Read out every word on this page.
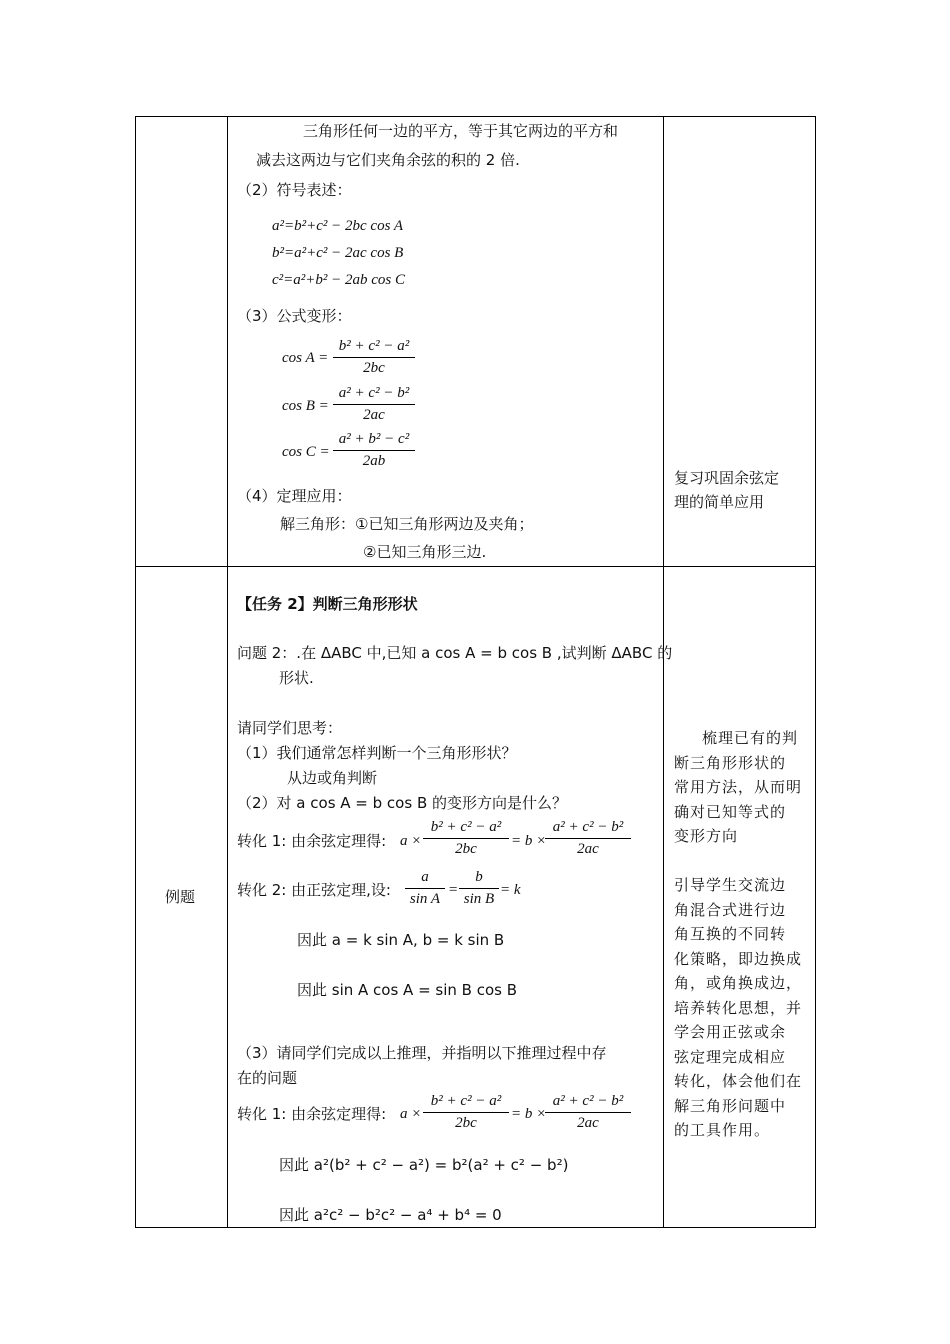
三角形任何一边的平方，等于其它两边的平方和
减去这两边与它们夹角余弦的积的 2 倍.
（2）符号表述：
a²=b²+c² − 2bc cos A
b²=a²+c² − 2ac cos B
c²=a²+b² − 2ab cos C
（3）公式变形：
cos A =
b² + c² − a²
2bc
cos B =
a² + c² − b²
2ac
cos C =
a² + b² − c²
2ab
（4）定理应用：
解三角形：①已知三角形两边及夹角；
②已知三角形三边.
复习巩固余弦定
理的简单应用
例题
【任务 2】判断三角形形状
问题 2：.在 ΔABC 中,已知 a cos A = b cos B ,试判断 ΔABC 的
形状.
请同学们思考：
（1）我们通常怎样判断一个三角形形状？
从边或角判断
（2）对 a cos A = b cos B 的变形方向是什么？
转化 1: 由余弦定理得: a ×
b² + c² − a²
2bc	= b ×
a² + c² − b²
2ac
转化 2: 由正弦定理,设:
a
sin A
=
b
sin B
= k
因此 a = k sin A, b = k sin B
因此 sin A cos A = sin B cos B
（3）请同学们完成以上推理，并指明以下推理过程中存
在的问题
转化 1: 由余弦定理得: a ×
b² + c² − a²
2bc
= b ×
a² + c² − b²
2ac
因此 a²(b² + c² − a²) = b²(a² + c² − b²)
因此 a²c² − b²c² − a⁴ + b⁴ = 0
梳理已有的判
断三角形形状的
常用方法，从而明
确对已知等式的
变形方向
引导学生交流边
角混合式进行边
角互换的不同转
化策略，即边换成
角，或角换成边，
培养转化思想，并
学会用正弦或余
弦定理完成相应
转化，体会他们在
解三角形问题中
的工具作用。
